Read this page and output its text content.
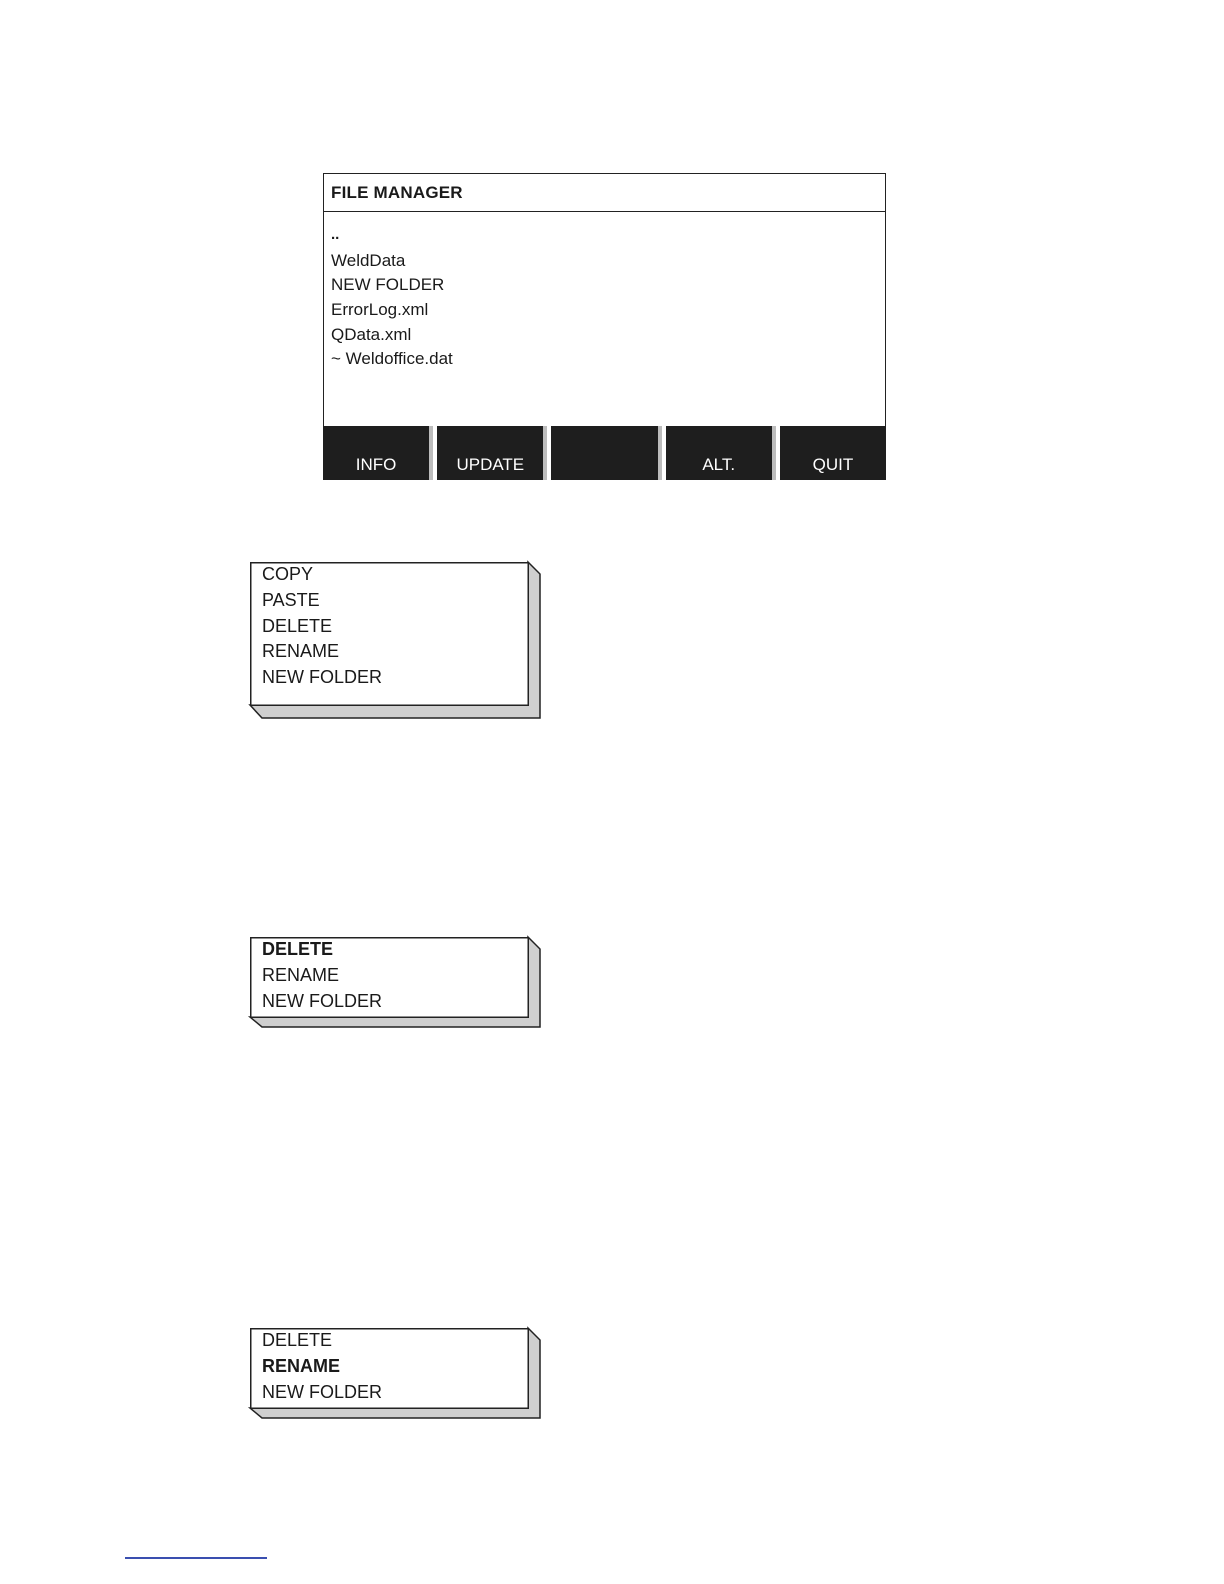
FILE MANAGER
..
WeldData
NEW FOLDER
ErrorLog.xml
QData.xml
~ Weldoffice.dat
INFO	UPDATE	ALT.	QUIT
COPY
PASTE
DELETE
RENAME
NEW FOLDER
DELETE
RENAME
NEW FOLDER
DELETE
RENAME
NEW FOLDER
